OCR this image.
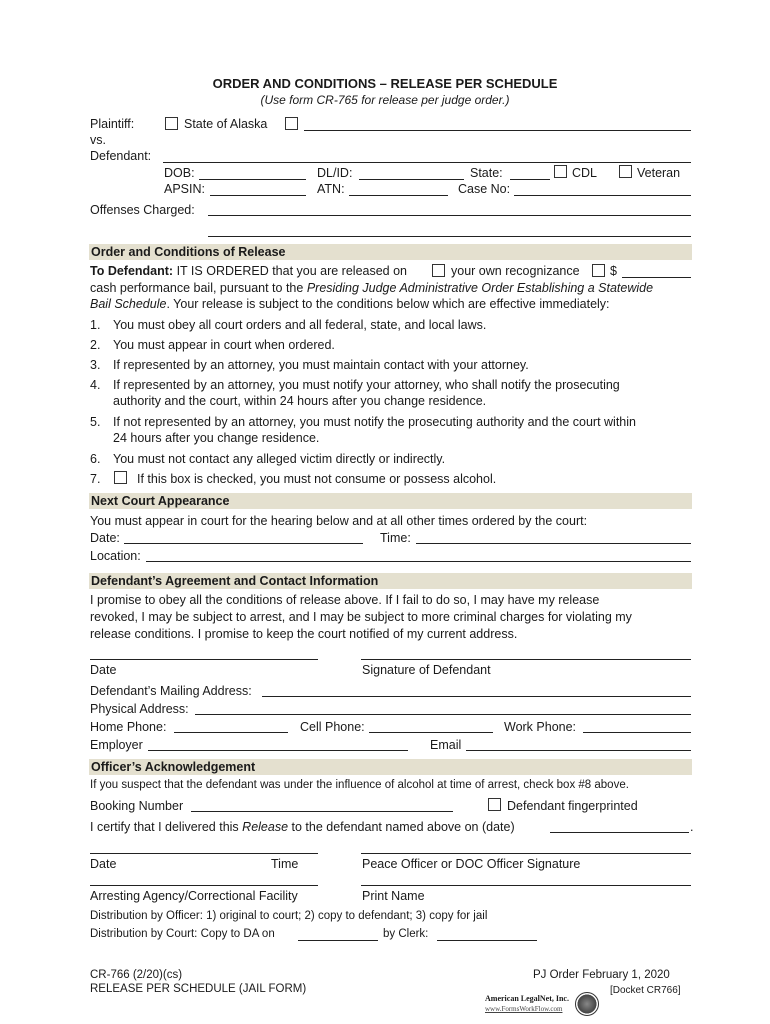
ORDER AND CONDITIONS – RELEASE PER SCHEDULE
(Use form CR-765 for release per judge order.)
Plaintiff:	State of Alaska
vs.
Defendant:
DOB:	DL/ID:	State:	CDL	Veteran
APSIN:	ATN:	Case No:
Offenses Charged:
Order and Conditions of Release
To Defendant: IT IS ORDERED that you are released on	your own recognizance $
cash performance bail, pursuant to the Presiding Judge Administrative Order Establishing a Statewide
Bail Schedule. Your release is subject to the conditions below which are effective immediately:
1. You must obey all court orders and all federal, state, and local laws.
2. You must appear in court when ordered.
3. If represented by an attorney, you must maintain contact with your attorney.
4. If represented by an attorney, you must notify your attorney, who shall notify the prosecuting
authority and the court, within 24 hours after you change residence.
5. If not represented by an attorney, you must notify the prosecuting authority and the court within
24 hours after you change residence.
6. You must not contact any alleged victim directly or indirectly.
7.	If this box is checked, you must not consume or possess alcohol.
Next Court Appearance
You must appear in court for the hearing below and at all other times ordered by the court:
Date:	Time:
Location:
Defendant’s Agreement and Contact Information
I promise to obey all the conditions of release above. If I fail to do so, I may have my release
revoked, I may be subject to arrest, and I may be subject to more criminal charges for violating my
release conditions. I promise to keep the court notified of my current address.
Date	Signature of Defendant
Defendant’s Mailing Address:
Physical Address:
Home Phone:	Cell Phone:	Work Phone:
Employer	Email
Officer’s Acknowledgement
If you suspect that the defendant was under the influence of alcohol at time of arrest, check box #8 above.
Booking Number	Defendant fingerprinted
I certify that I delivered this Release to the defendant named above on (date)	.
Date	Time	Peace Officer or DOC Officer Signature
Arresting Agency/Correctional Facility	Print Name
Distribution by Officer: 1) original to court; 2) copy to defendant; 3) copy for jail
Distribution by Court: Copy to DA on	by Clerk:
CR-766 (2/20)(cs)
RELEASE PER SCHEDULE (JAIL FORM)
PJ Order February 1, 2020
[Docket CR766]
American LegalNet, Inc.
www.FormsWorkFlow.com
